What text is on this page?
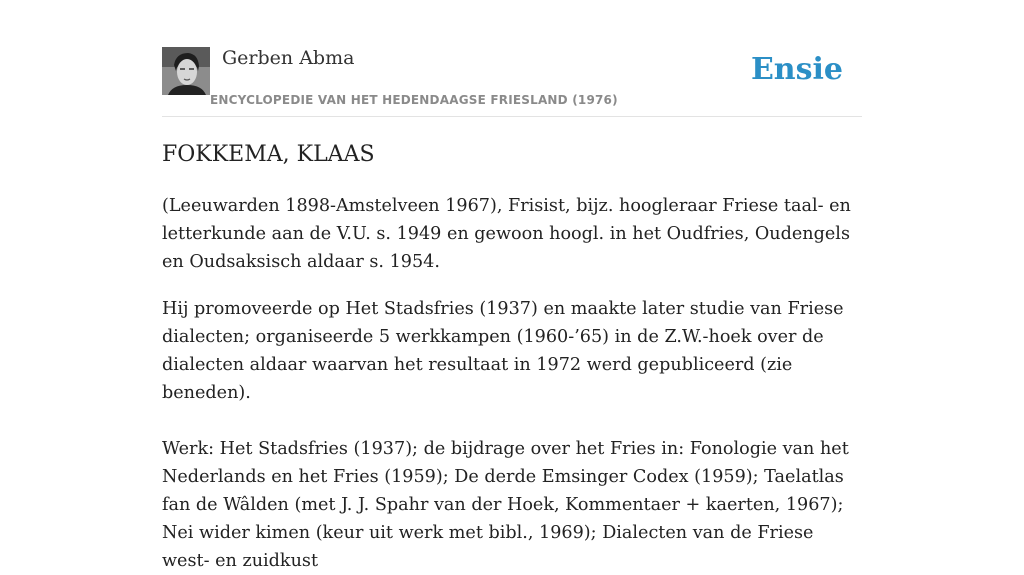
Gerben Abma
ENCYCLOPEDIE VAN HET HEDENDAAGSE FRIESLAND (1976)
Ensie
FOKKEMA, KLAAS

(Leeuwarden 1898-Amstelveen 1967), Frisist, bijz. hoogleraar Friese taal- en letterkunde aan de V.U. s. 1949 en gewoon hoogl. in het Oudfries, Oudengels en Oudsaksisch aldaar s. 1954.

Hij promoveerde op Het Stadsfries (1937) en maakte later studie van Friese dialecten; organiseerde 5 werkkampen (1960-’65) in de Z.W.-hoek over de dialecten aldaar waarvan het resultaat in 1972 werd gepubliceerd (zie beneden).

Werk: Het Stadsfries (1937); de bijdrage over het Fries in: Fonologie van het Nederlands en het Fries (1959); De derde Emsinger Codex (1959); Taelatlas fan de Wâlden (met J. J. Spahr van der Hoek, Kommentaer + kaerten, 1967); Nei wider kimen (keur uit werk met bibl., 1969); Dialecten van de Friese west- en zuidkust
